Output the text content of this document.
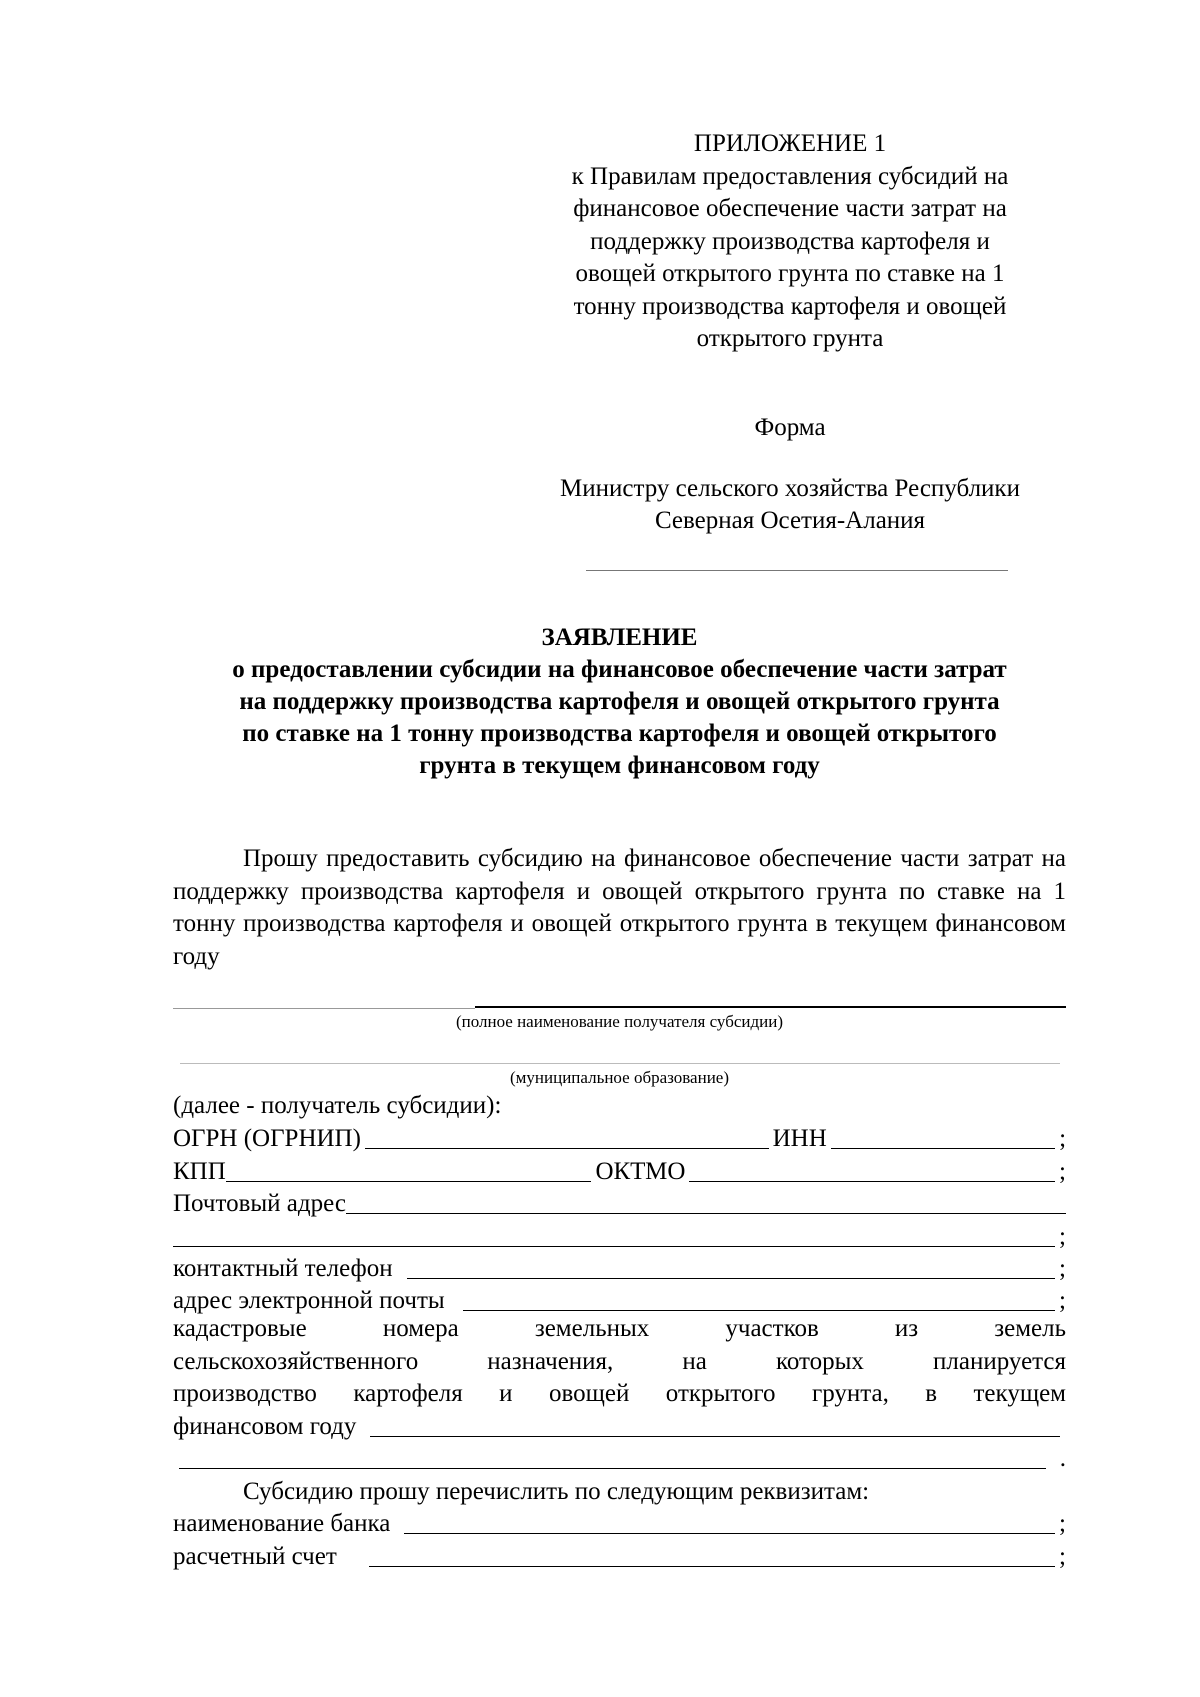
ПРИЛОЖЕНИЕ 1
к Правилам предоставления субсидий на
финансовое обеспечение части затрат на
поддержку производства картофеля и
овощей открытого грунта по ставке на 1
тонну производства картофеля и овощей
открытого грунта
Форма
Министру сельского хозяйства Республики
Северная Осетия-Алания
ЗАЯВЛЕНИЕ
о предоставлении субсидии на финансовое обеспечение части затрат
на поддержку производства картофеля и овощей открытого грунта
по ставке на 1 тонну производства картофеля и овощей открытого
грунта в текущем финансовом году
Прошу предоставить субсидию на финансовое обеспечение части затрат на поддержку производства картофеля и овощей открытого грунта по ставке на 1 тонну производства картофеля и овощей открытого грунта в текущем финансовом году
(полное наименование получателя субсидии)
(муниципальное образование)
(далее - получатель субсидии):
ОГРН (ОГРНИП)	ИНН	;
КПП	ОКТМО	;
Почтовый адрес
;
контактный телефон	;
адрес электронной почты	;
кадастровые номера земельных участков из земель
сельскохозяйственного назначения, на которых планируется
производство картофеля и овощей открытого грунта, в текущем
финансовом году
.
Субсидию прошу перечислить по следующим реквизитам:
наименование банка	;
расчетный счет	;
